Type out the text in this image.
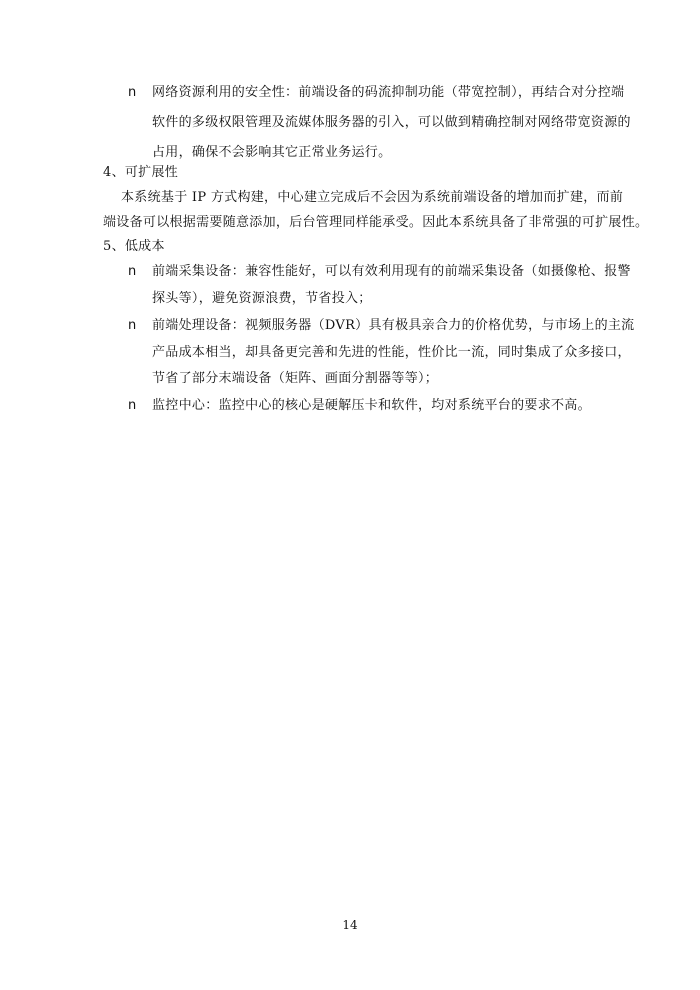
n 网络资源利用的安全性：前端设备的码流抑制功能（带宽控制），再结合对分控端
软件的多级权限管理及流媒体服务器的引入，可以做到精确控制对网络带宽资源的
占用，确保不会影响其它正常业务运行。
4、可扩展性
本系统基于 IP 方式构建，中心建立完成后不会因为系统前端设备的增加而扩建，而前
端设备可以根据需要随意添加，后台管理同样能承受。因此本系统具备了非常强的可扩展性。
5、低成本
n 前端采集设备：兼容性能好，可以有效利用现有的前端采集设备（如摄像枪、报警
探头等），避免资源浪费，节省投入；
n 前端处理设备：视频服务器（DVR）具有极具亲合力的价格优势，与市场上的主流
产品成本相当，却具备更完善和先进的性能，性价比一流，同时集成了众多接口，
节省了部分末端设备（矩阵、画面分割器等等）；
n 监控中心：监控中心的核心是硬解压卡和软件，均对系统平台的要求不高。
14
